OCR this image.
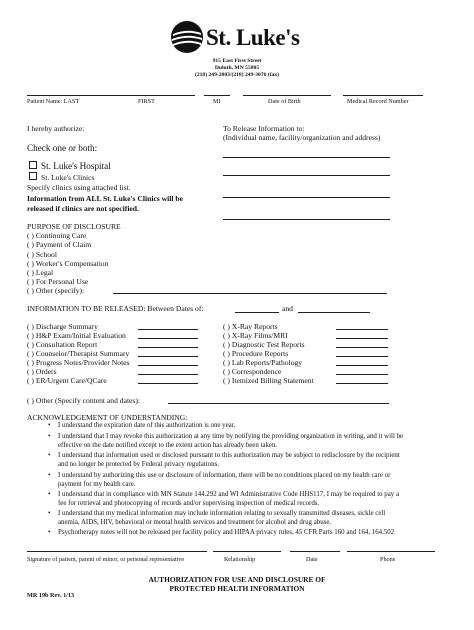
St. Luke's
915 East First Street
Duluth, MN 55805
(218) 249-2003/(218) 249-3076 (fax)
Patient Name: LAST	FIRST	MI	Date of Birth	Medical Record Number
I hereby authorize:	To Release Information to:
(Individual name, facility/organization and address)
Check one or both:
St. Luke's Hospital
St. Luke's Clinics
Specify clinics using attached list.
Information from ALL St. Luke's Clinics will be
released if clinics are not specified.
PURPOSE OF DISCLOSURE
( ) Continuing Care
( ) Payment of Claim
( ) School
( ) Worker's Compensation
( ) Legal
( ) For Personal Use
( ) Other (specify):
INFORMATION TO BE RELEASED: Between Dates of:	and
( ) Discharge Summary
( ) H&P Exam/Initial Evaluation
( ) Consultation Report
( ) Counselor/Therapist Summary
( ) Progress Notes/Provider Notes
( ) Orders
( ) ER/Urgent Care/QCare
( ) X-Ray Reports
( ) X-Ray Films/MRI
( ) Diagnostic Test Reports
( ) Procedure Reports
( ) Lab Reports/Pathology
( ) Correspondence
( ) Itemized Billing Statement
( ) Other (Specify content and dates):
ACKNOWLEDGEMENT OF UNDERSTANDING:
• I understand the expiration date of this authorization is one year.
• I understand that I may revoke this authorization at any time by notifying the providing organization in writing, and it will be
effective on the date notified except to the extent action has already been taken.
• I understand that information used or disclosed pursuant to this authorization may be subject to redisclosure by the recipient
and no longer be protected by Federal privacy regulations.
• I understand by authorizing this use or disclosure of information, there will be no conditions placed on my health care or
payment for my health care.
• I understand that in compliance with MN Statute 144.292 and WI Administrative Code HHS117, I may be required to pay a
fee for retrieval and photocopying of records and/or supervising inspection of medical records.
• I understand that my medical information may include information relating to sexually transmitted diseases, sickle cell
anemia, AIDS, HIV, behavioral or mental health services and treatment for alcohol and drug abuse.
• Psychotherapy notes will not be released per facility policy and HIPAA privacy rules, 45 CFR Parts 160 and 164, 164.502
Signature of patient, parent of minor, or personal representative	Relationship	Date	Phone
AUTHORIZATION FOR USE AND DISCLOSURE OF
PROTECTED HEALTH INFORMATION
MR 19b Rev. 1/13
